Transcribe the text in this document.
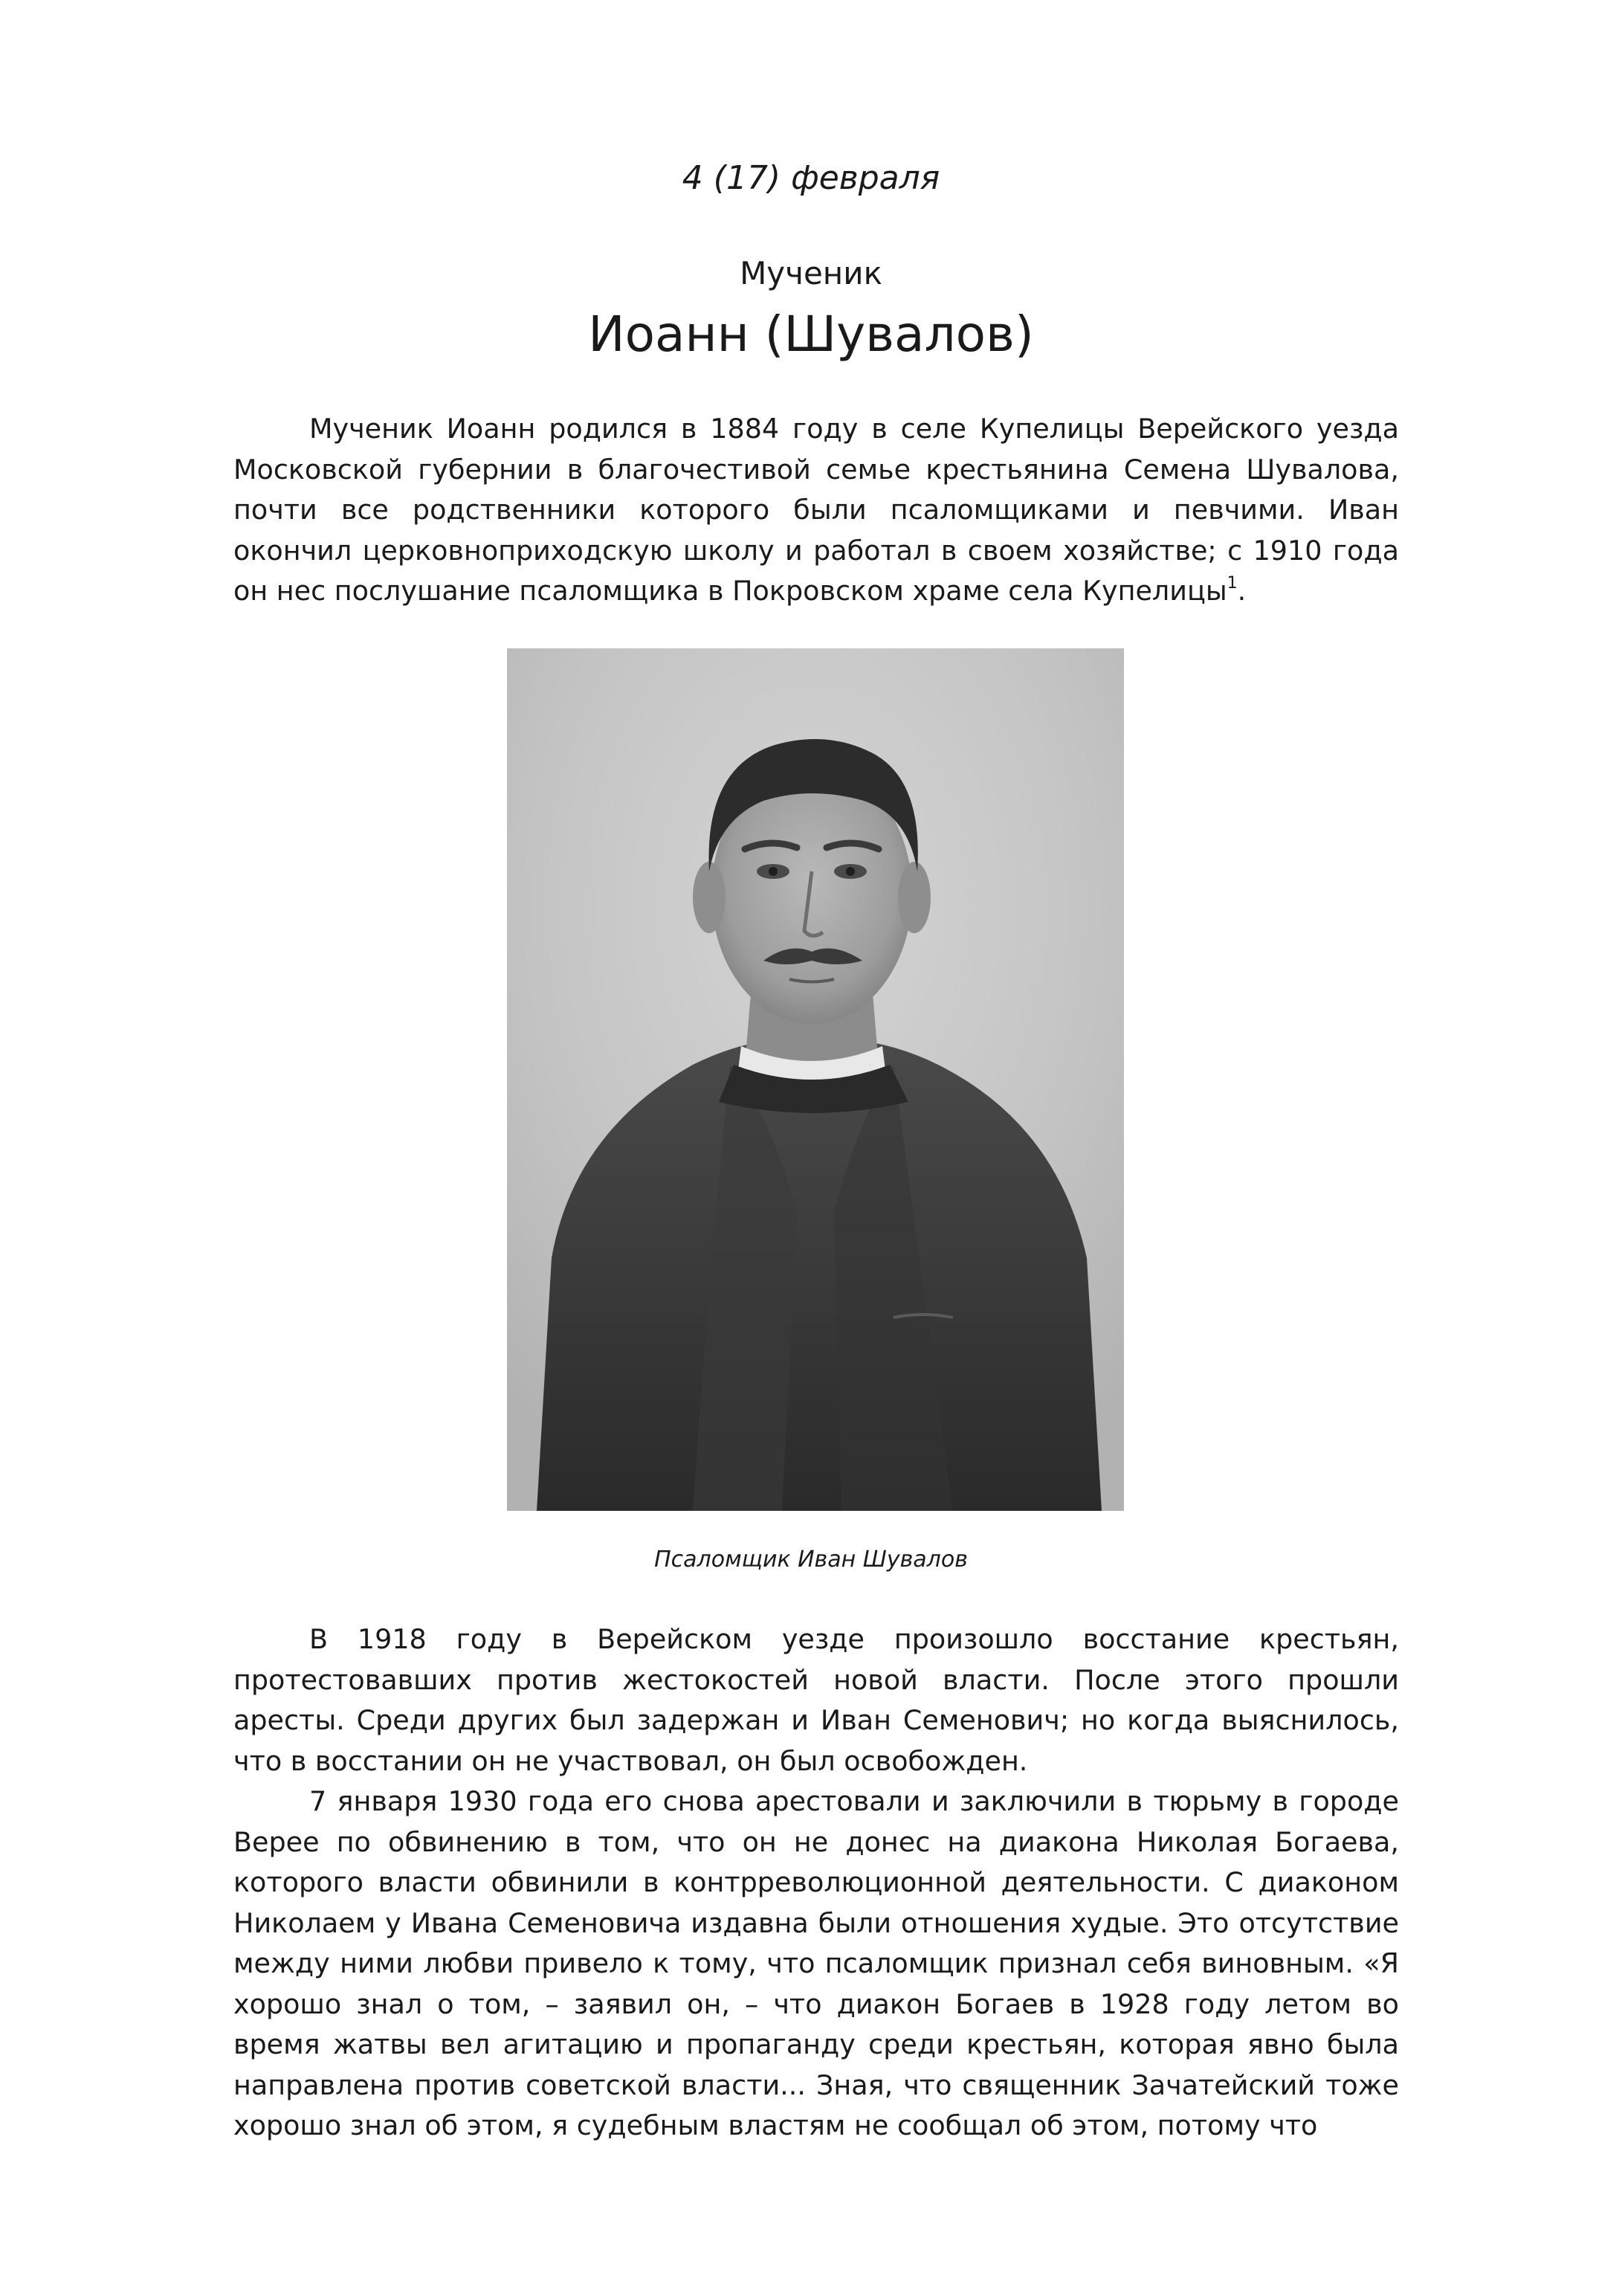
4 (17) февраля
Мученик
Иоанн (Шувалов)

Мученик Иоанн родился в 1884 году в селе Купелицы Верейского уезда Московской губернии в благочестивой семье крестьянина Семена Шувалова, почти все родственники которого были псаломщиками и певчими. Иван окончил церковноприходскую школу и работал в своем хозяйстве; с 1910 года он нес послушание псаломщика в Покровском храме села Купелицы$^1$.

Псаломщик Иван Шувалов

В 1918 году в Верейском уезде произошло восстание крестьян, протестовавших против жестокостей новой власти. После этого прошли аресты. Среди других был задержан и Иван Семенович; но когда выяснилось, что в восстании он не участвовал, он был освобожден.

7 января 1930 года его снова арестовали и заключили в тюрьму в городе Верее по обвинению в том, что он не донес на диакона Николая Богаева, которого власти обвинили в контрреволюционной деятельности. С диаконом Николаем у Ивана Семеновича издавна были отношения худые. Это отсутствие между ними любви привело к тому, что псаломщик признал себя виновным. «Я хорошо знал о том, – заявил он, – что диакон Богаев в 1928 году летом во время жатвы вел агитацию и пропаганду среди крестьян, которая явно была направлена против советской власти... Зная, что священник Зачатейский тоже хорошо знал об этом, я судебным властям не сообщал об этом, потому что
